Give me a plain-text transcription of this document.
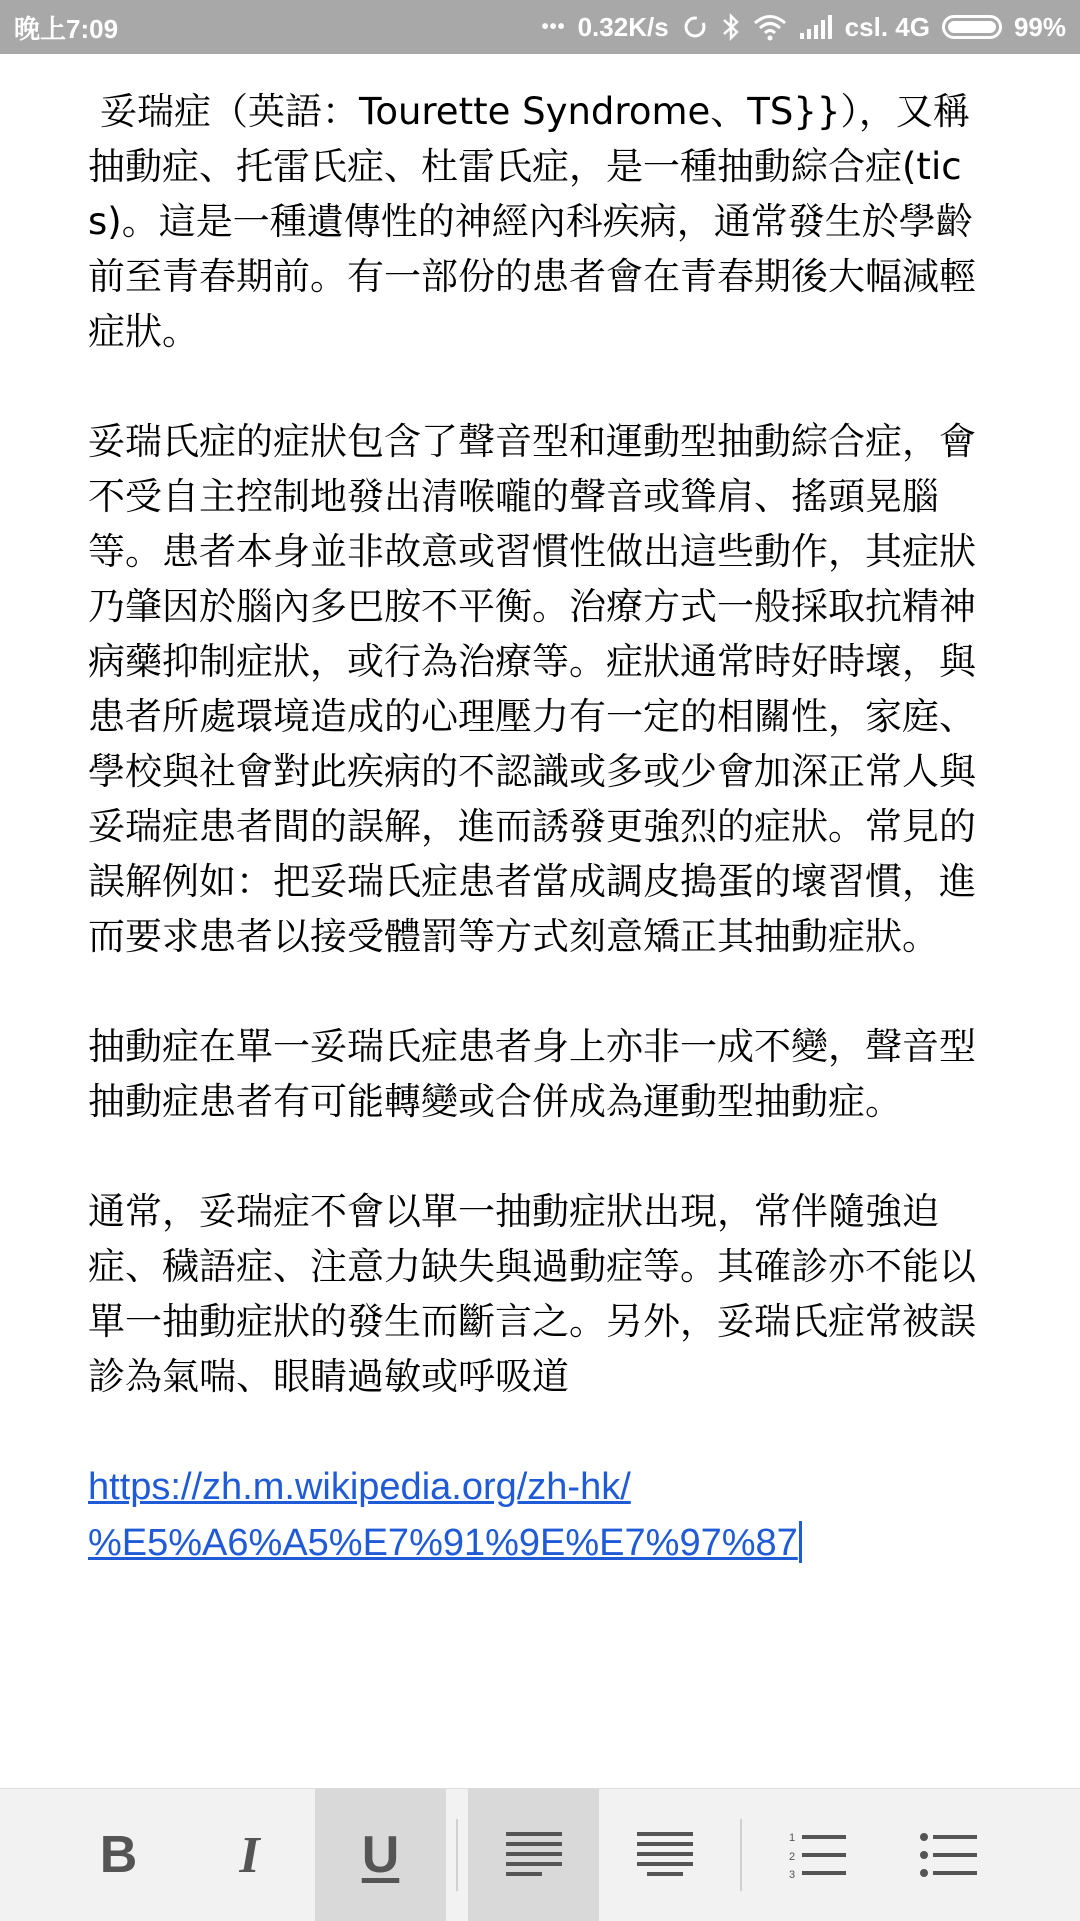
晚上7:09	••• 0.32K/s	csl. 4G	99%

妥瑞症（英語：Tourette Syndrome、TS}}），又稱抽動症、托雷氏症、杜雷氏症，是一種抽動綜合症(tics)。這是一種遺傳性的神經內科疾病，通常發生於學齡前至青春期前。有一部份的患者會在青春期後大幅減輕症狀。

妥瑞氏症的症狀包含了聲音型和運動型抽動綜合症，會不受自主控制地發出清喉嚨的聲音或聳肩、搖頭晃腦等。患者本身並非故意或習慣性做出這些動作，其症狀乃肇因於腦內多巴胺不平衡。治療方式一般採取抗精神病藥抑制症狀，或行為治療等。症狀通常時好時壞，與患者所處環境造成的心理壓力有一定的相關性，家庭、學校與社會對此疾病的不認識或多或少會加深正常人與妥瑞症患者間的誤解，進而誘發更強烈的症狀。常見的誤解例如：把妥瑞氏症患者當成調皮搗蛋的壞習慣，進而要求患者以接受體罰等方式刻意矯正其抽動症狀。

抽動症在單一妥瑞氏症患者身上亦非一成不變，聲音型抽動症患者有可能轉變或合併成為運動型抽動症。

通常，妥瑞症不會以單一抽動症狀出現，常伴隨強迫症、穢語症、注意力缺失與過動症等。其確診亦不能以單一抽動症狀的發生而斷言之。另外，妥瑞氏症常被誤診為氣喘、眼睛過敏或呼吸道

https://zh.m.wikipedia.org/zh-hk/
%E5%A6%A5%E7%91%9E%E7%97%87

B I U	1
2
3
